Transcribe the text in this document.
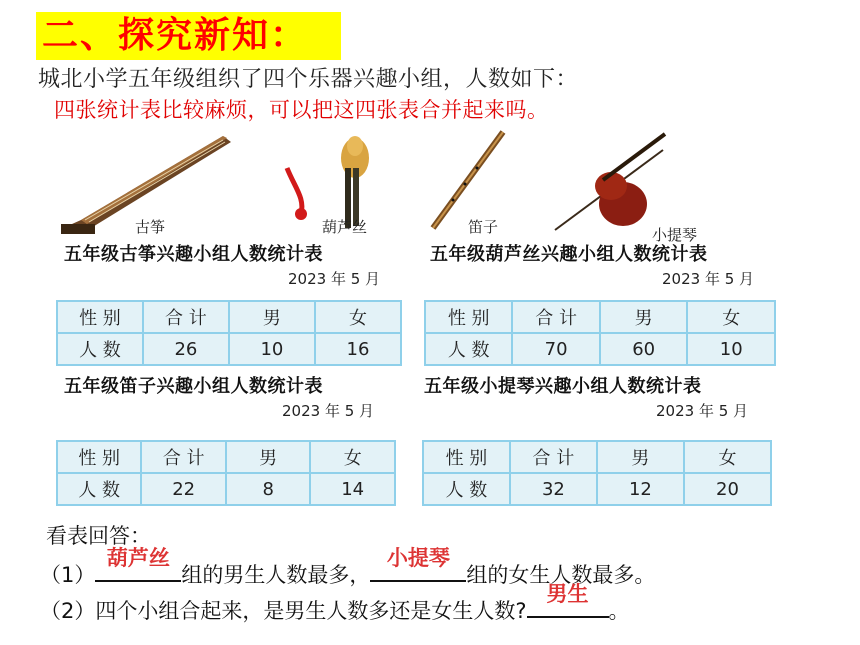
二、探究新知：
城北小学五年级组织了四个乐器兴趣小组，人数如下：
四张统计表比较麻烦，可以把这四张表合并起来吗。
古筝	葫芦丝	笛子	小提琴
五年级古筝兴趣小组人数统计表
2023 年 5 月
性 别	合 计	男	女
人 数	26	10	16
五年级葫芦丝兴趣小组人数统计表
2023 年 5 月
性 别	合 计	男	女
人 数	70	60	10
五年级笛子兴趣小组人数统计表
2023 年 5 月
性 别	合 计	男	女
人 数	22	8	14
五年级小提琴兴趣小组人数统计表
2023 年 5 月
性 别	合 计	男	女
人 数	32	12	20
看表回答：
（1）
葫芦丝
组的男生人数最多，
小提琴
组的女生人数最多。
（2）四个小组合起来，是男生人数多还是女生人数?
男生
。
